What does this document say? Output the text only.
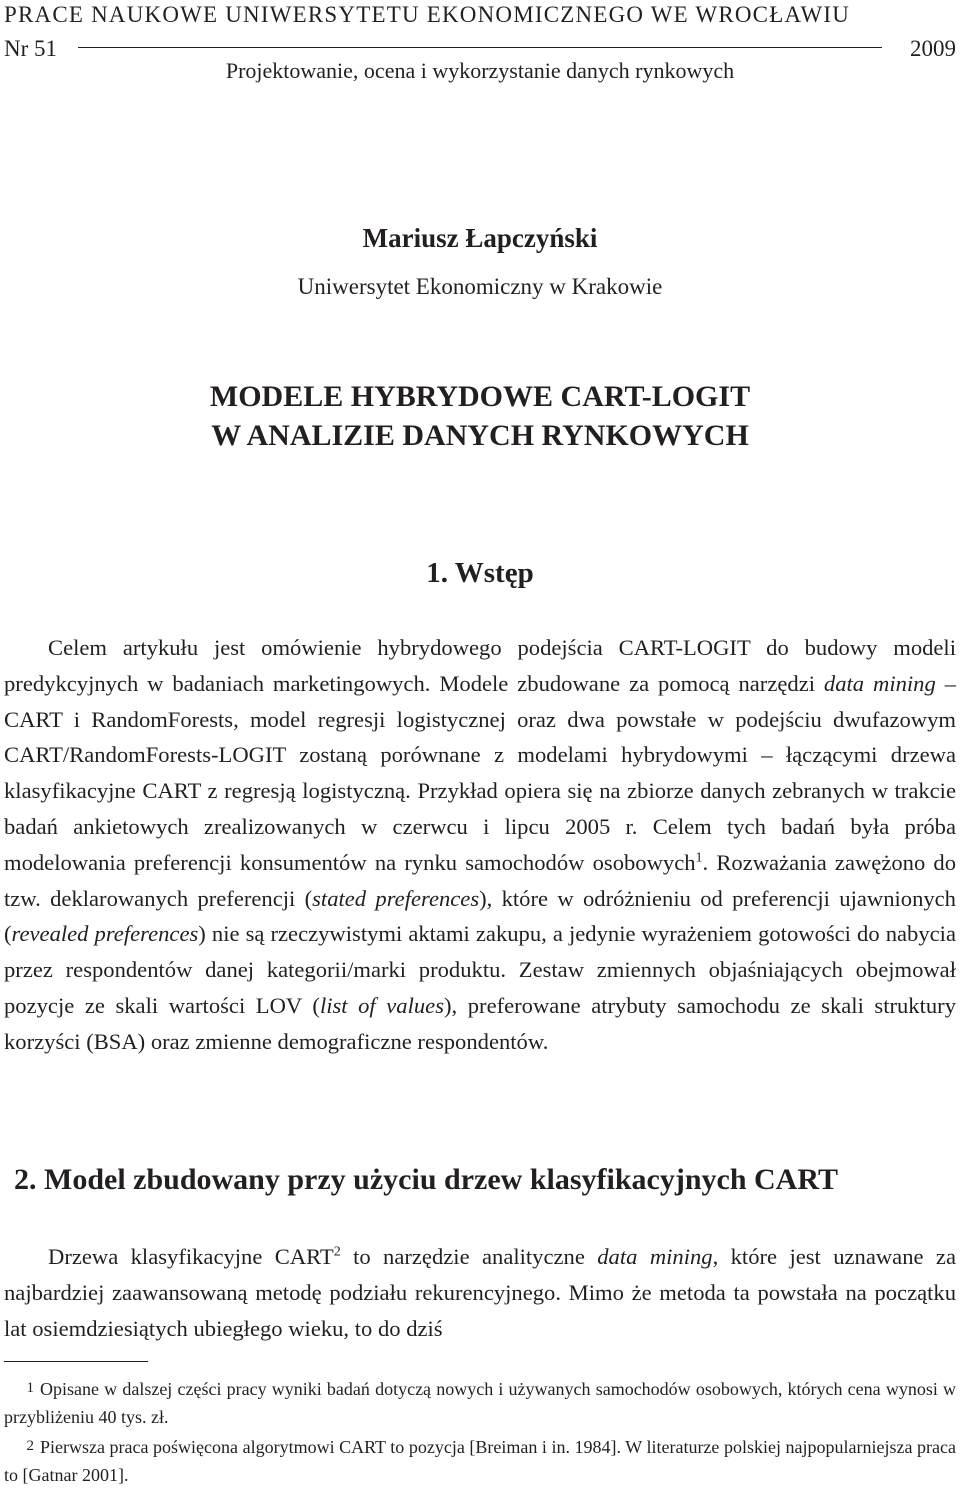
PRACE NAUKOWE UNIWERSYTETU EKONOMICZNEGO WE WROCŁAWIU
Nr 51	2009
Projektowanie, ocena i wykorzystanie danych rynkowych
Mariusz Łapczyński
Uniwersytet Ekonomiczny w Krakowie
MODELE HYBRYDOWE CART-LOGIT
W ANALIZIE DANYCH RYNKOWYCH
1. Wstęp
Celem artykułu jest omówienie hybrydowego podejścia CART-LOGIT do budowy modeli predykcyjnych w badaniach marketingowych. Modele zbudowane za pomocą narzędzi data mining – CART i RandomForests, model regresji logistycznej oraz dwa powstałe w podejściu dwufazowym CART/RandomForests-LOGIT zostaną porównane z modelami hybrydowymi – łączącymi drzewa klasyfikacyjne CART z regresją logistyczną. Przykład opiera się na zbiorze danych zebranych w trakcie badań ankietowych zrealizowanych w czerwcu i lipcu 2005 r. Celem tych badań była próba modelowania preferencji konsumentów na rynku samochodów osobowych$^1$. Rozważania zawężono do tzw. deklarowanych preferencji (stated preferences), które w odróżnieniu od preferencji ujawnionych (revealed preferences) nie są rzeczywistymi aktami zakupu, a jedynie wyrażeniem gotowości do nabycia przez respondentów danej kategorii/marki produktu. Zestaw zmiennych objaśniających obejmował pozycje ze skali wartości LOV (list of values), preferowane atrybuty samochodu ze skali struktury korzyści (BSA) oraz zmienne demograficzne respondentów.
2. Model zbudowany przy użyciu drzew klasyfikacyjnych CART
Drzewa klasyfikacyjne CART$^2$ to narzędzie analityczne data mining, które jest uznawane za najbardziej zaawansowaną metodę podziału rekurencyjnego. Mimo że metoda ta powstała na początku lat osiemdziesiątych ubiegłego wieku, to do dziś
1 Opisane w dalszej części pracy wyniki badań dotyczą nowych i używanych samochodów osobowych, których cena wynosi w przybliżeniu 40 tys. zł.
2 Pierwsza praca poświęcona algorytmowi CART to pozycja [Breiman i in. 1984]. W literaturze polskiej najpopularniejsza praca to [Gatnar 2001].
